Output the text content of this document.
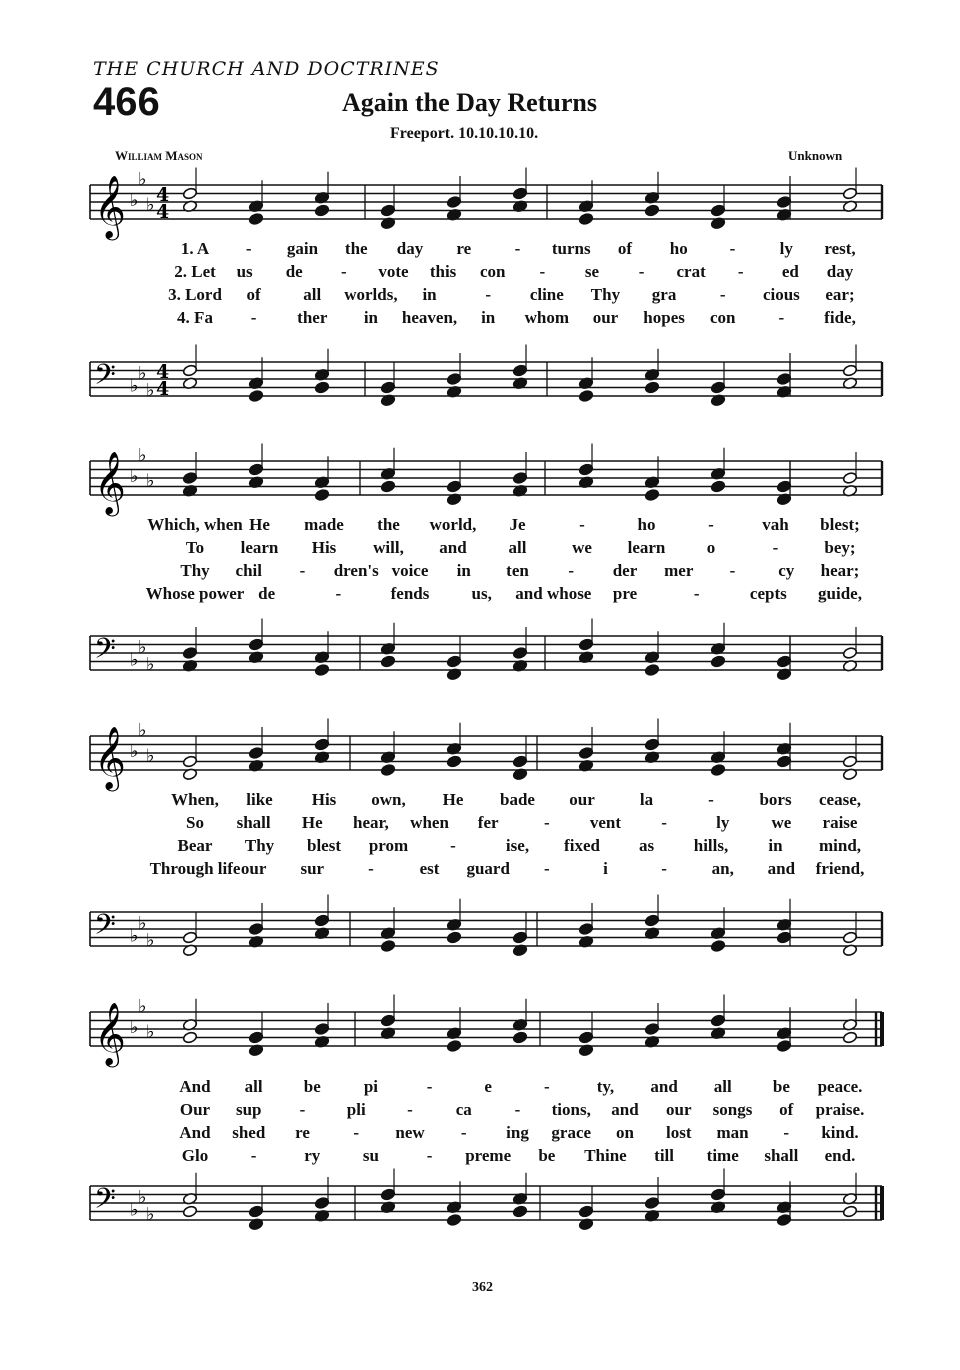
THE CHURCH AND DOCTRINES
466	Again the Day Returns
Freeport. 10.10.10.10.
William Mason	Unknown
𝄞 ♭
♭
♭ 4
4
𝄢 ♭
♭
♭
4
4
1. A - gain the day re	- turns of ho -	ly rest,
2. Let us de - vote this con - se - crat - ed day
3. Lord of	all worlds, in	- cline Thy gra	- cious ear;
4. Fa - ther in heaven, in whom our hopes con	- fide,
𝄞 ♭
♭
♭
𝄢 ♭
♭
♭
Which, when He made the world, Je	-	ho	-	vah blest;
To learn His will, and all	we learn o	-	bey;
Thy chil - dren's voice in ten - der mer -	cy hear;
Whose power de	-	fends us, and whose pre	-	cepts guide,
𝄞 ♭
♭
♭
𝄢 ♭
♭
♭
When, like His own, He bade our	la	-	bors cease,
So shall He hear, when fer	- vent -	ly we raise
Bear Thy blest prom -	ise, fixed as hills, in mind,
Through life our sur	-	est guard -	i	-	an, and friend,
𝄞 ♭
♭
♭
𝄢 ♭
♭
♭
And all be	pi	-	e	-	ty, and all be peace.
Our sup - pli -	ca	- tions, and our songs of praise.
And shed re	- new - ing grace on lost man - kind.
Glo	-	ry	su	- preme be Thine till time shall end.
362
